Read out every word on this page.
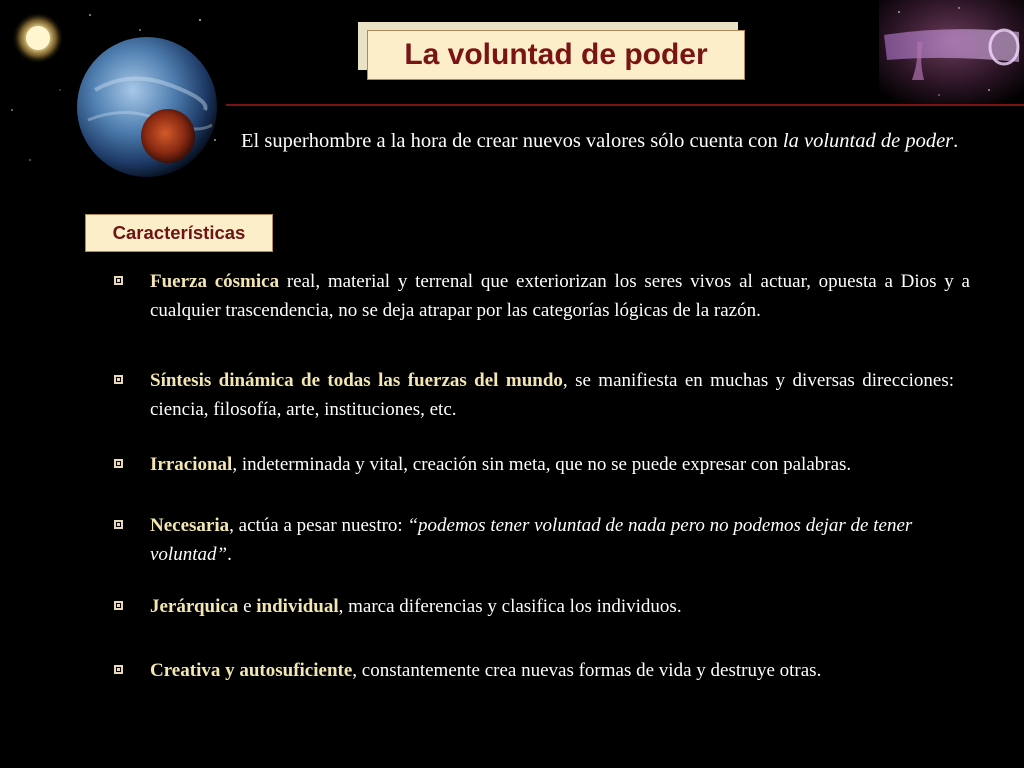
La voluntad de poder
El superhombre a la hora de crear nuevos valores sólo cuenta con la voluntad de poder.
Características
Fuerza cósmica real, material y terrenal que exteriorizan los seres vivos al actuar, opuesta a Dios y a cualquier trascendencia, no se deja atrapar por las categorías lógicas de la razón.
Síntesis dinámica de todas las fuerzas del mundo, se manifiesta en muchas y diversas direcciones: ciencia, filosofía, arte, instituciones, etc.
Irracional, indeterminada y vital, creación sin meta, que no se puede expresar con palabras.
Necesaria, actúa a pesar nuestro: “podemos tener voluntad de nada pero no podemos dejar de tener voluntad”.
Jerárquica e individual, marca diferencias y clasifica los individuos.
Creativa y autosuficiente, constantemente crea nuevas formas de vida y destruye otras.
